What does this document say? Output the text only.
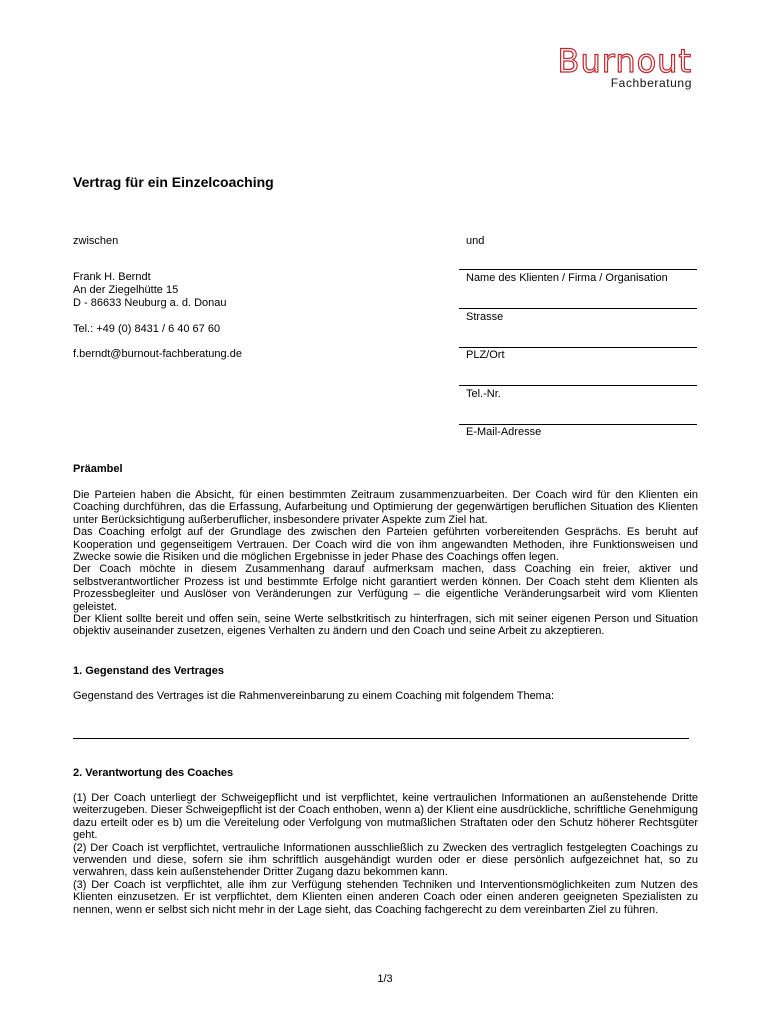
Burnout
Fachberatung
Vertrag für ein Einzelcoaching
zwischen	und
Frank H. Berndt
An der Ziegelhütte 15
D - 86633 Neuburg a. d. Donau
Tel.: +49 (0) 8431 / 6 40 67 60
f.berndt@burnout-fachberatung.de
Name des Klienten / Firma / Organisation
Strasse
PLZ/Ort
Tel.-Nr.
E-Mail-Adresse
Präambel

Die Parteien haben die Absicht, für einen bestimmten Zeitraum zusammenzuarbeiten. Der Coach wird für den Klienten ein Coaching durchführen, das die Erfassung, Aufarbeitung und Optimierung der gegenwärtigen beruflichen Situation des Klienten unter Berücksichtigung außerberuflicher, insbesondere privater Aspekte zum Ziel hat.

Das Coaching erfolgt auf der Grundlage des zwischen den Parteien geführten vorbereitenden Gesprächs. Es beruht auf Kooperation und gegenseitigem Vertrauen. Der Coach wird die von ihm angewandten Methoden, ihre Funktionsweisen und Zwecke sowie die Risiken und die möglichen Ergebnisse in jeder Phase des Coachings offen legen.

Der Coach möchte in diesem Zusammenhang darauf aufmerksam machen, dass Coaching ein freier, aktiver und selbstverantwortlicher Prozess ist und bestimmte Erfolge nicht garantiert werden können. Der Coach steht dem Klienten als Prozessbegleiter und Auslöser von Veränderungen zur Verfügung – die eigentliche Veränderungsarbeit wird vom Klienten geleistet.

Der Klient sollte bereit und offen sein, seine Werte selbstkritisch zu hinterfragen, sich mit seiner eigenen Person und Situation objektiv auseinander zusetzen, eigenes Verhalten zu ändern und den Coach und seine Arbeit zu akzeptieren.

1. Gegenstand des Vertrages
Gegenstand des Vertrages ist die Rahmenvereinbarung zu einem Coaching mit folgendem Thema:
2. Verantwortung des Coaches

(1) Der Coach unterliegt der Schweigepflicht und ist verpflichtet, keine vertraulichen Informationen an außenstehende Dritte weiterzugeben. Dieser Schweigepflicht ist der Coach enthoben, wenn a) der Klient eine ausdrückliche, schriftliche Genehmigung dazu erteilt oder es b) um die Vereitelung oder Verfolgung von mutmaßlichen Straftaten oder den Schutz höherer Rechtsgüter geht.

(2) Der Coach ist verpflichtet, vertrauliche Informationen ausschließlich zu Zwecken des vertraglich festgelegten Coachings zu verwenden und diese, sofern sie ihm schriftlich ausgehändigt wurden oder er diese persönlich aufgezeichnet hat, so zu verwahren, dass kein außenstehender Dritter Zugang dazu bekommen kann.

(3) Der Coach ist verpflichtet, alle ihm zur Verfügung stehenden Techniken und Interventionsmöglichkeiten zum Nutzen des Klienten einzusetzen. Er ist verpflichtet, dem Klienten einen anderen Coach oder einen anderen geeigneten Spezialisten zu nennen, wenn er selbst sich nicht mehr in der Lage sieht, das Coaching fachgerecht zu dem vereinbarten Ziel zu führen.

1/3
